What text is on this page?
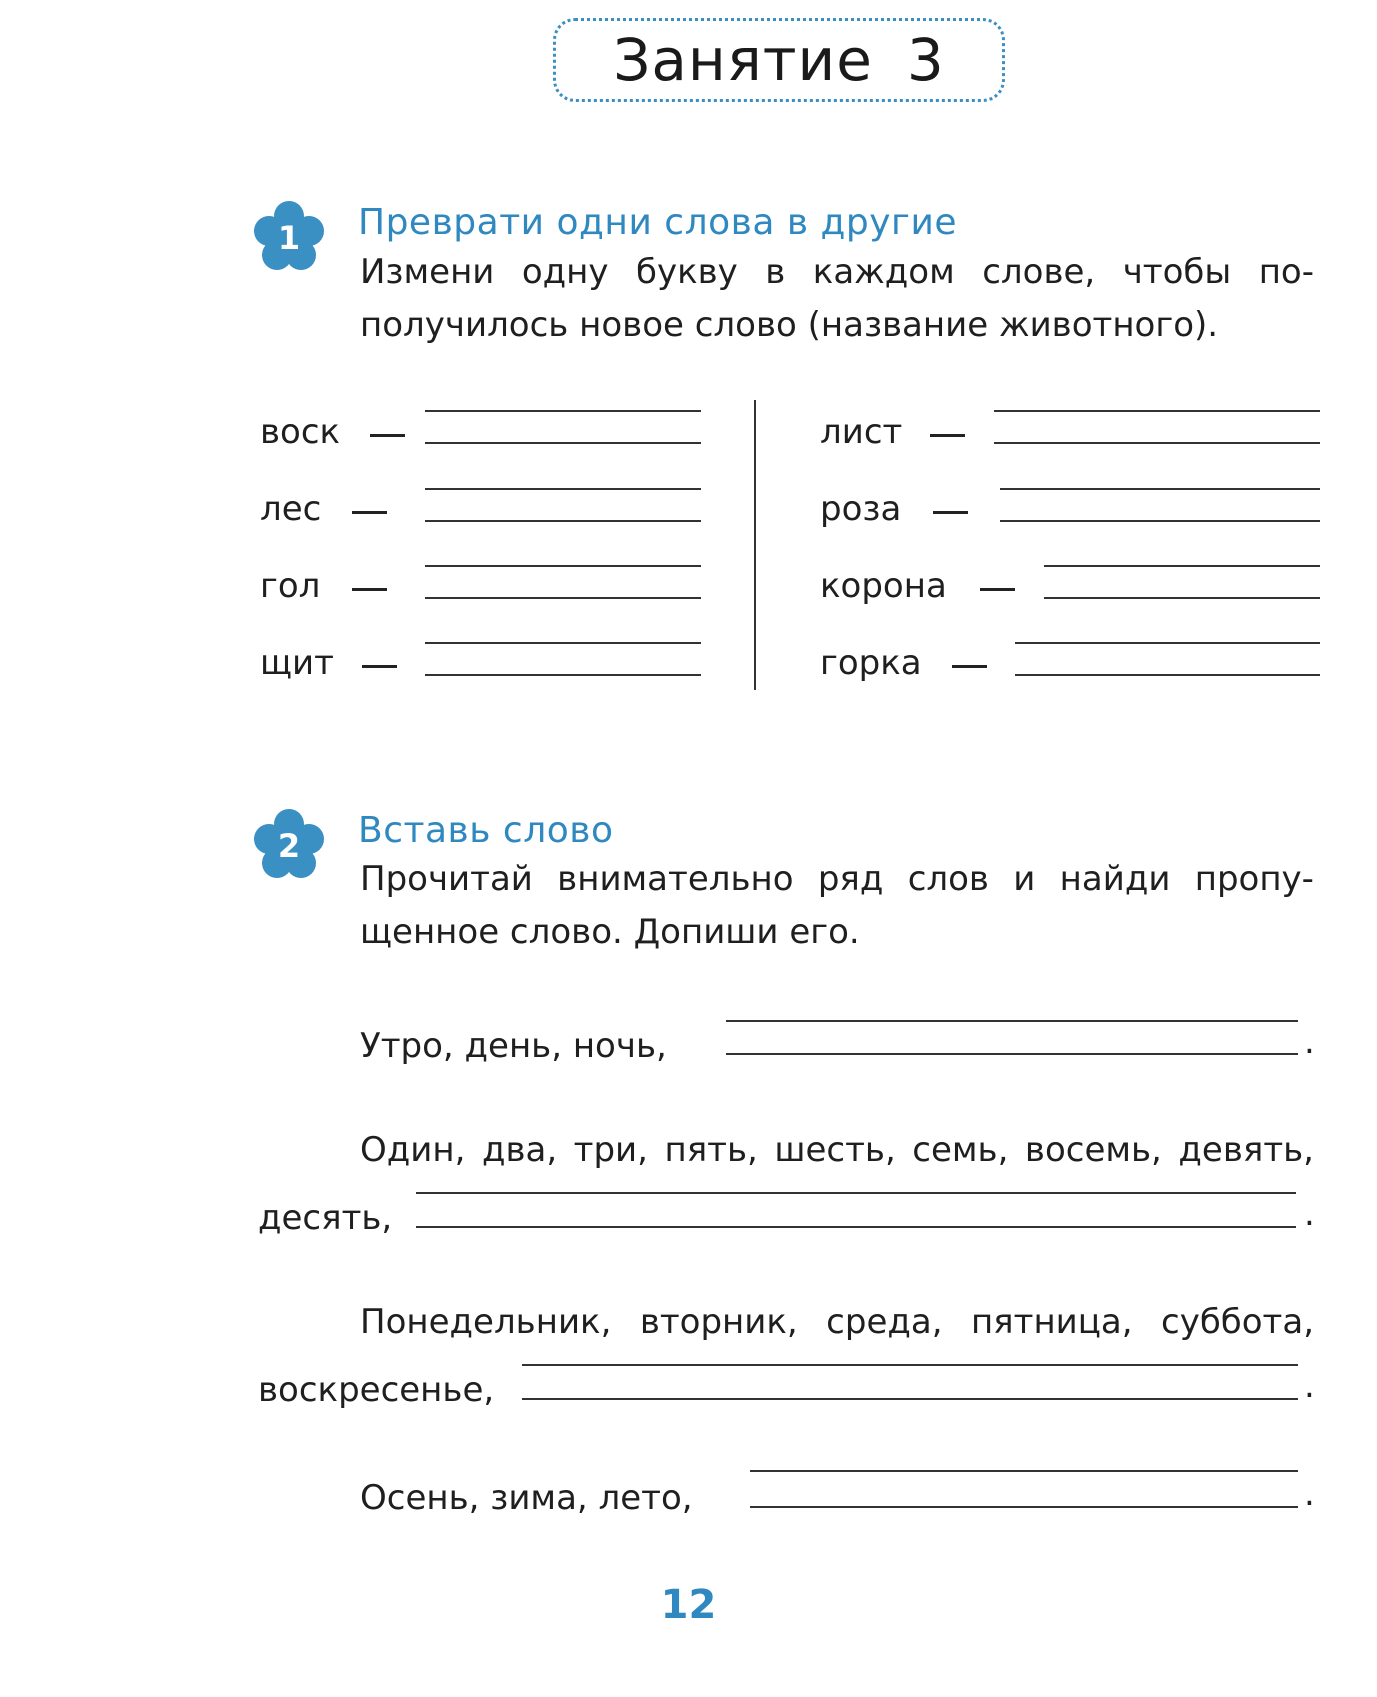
Занятие 3
1 Преврати одни слова в другие
Измени одну букву в каждом слове, чтобы по-
получилось новое слово (название животного).
воск
лес
гол
щит
лист
роза
корона
горка
2 Вставь слово
Прочитай внимательно ряд слов и найди пропу-
щенное слово. Допиши его.
Утро, день, ночь,	.
Один, два, три, пять, шесть, семь, восемь, девять,
десять,	.
Понедельник, вторник, среда, пятница, суббота,
воскресенье,	.
Осень, зима, лето,	.
12
